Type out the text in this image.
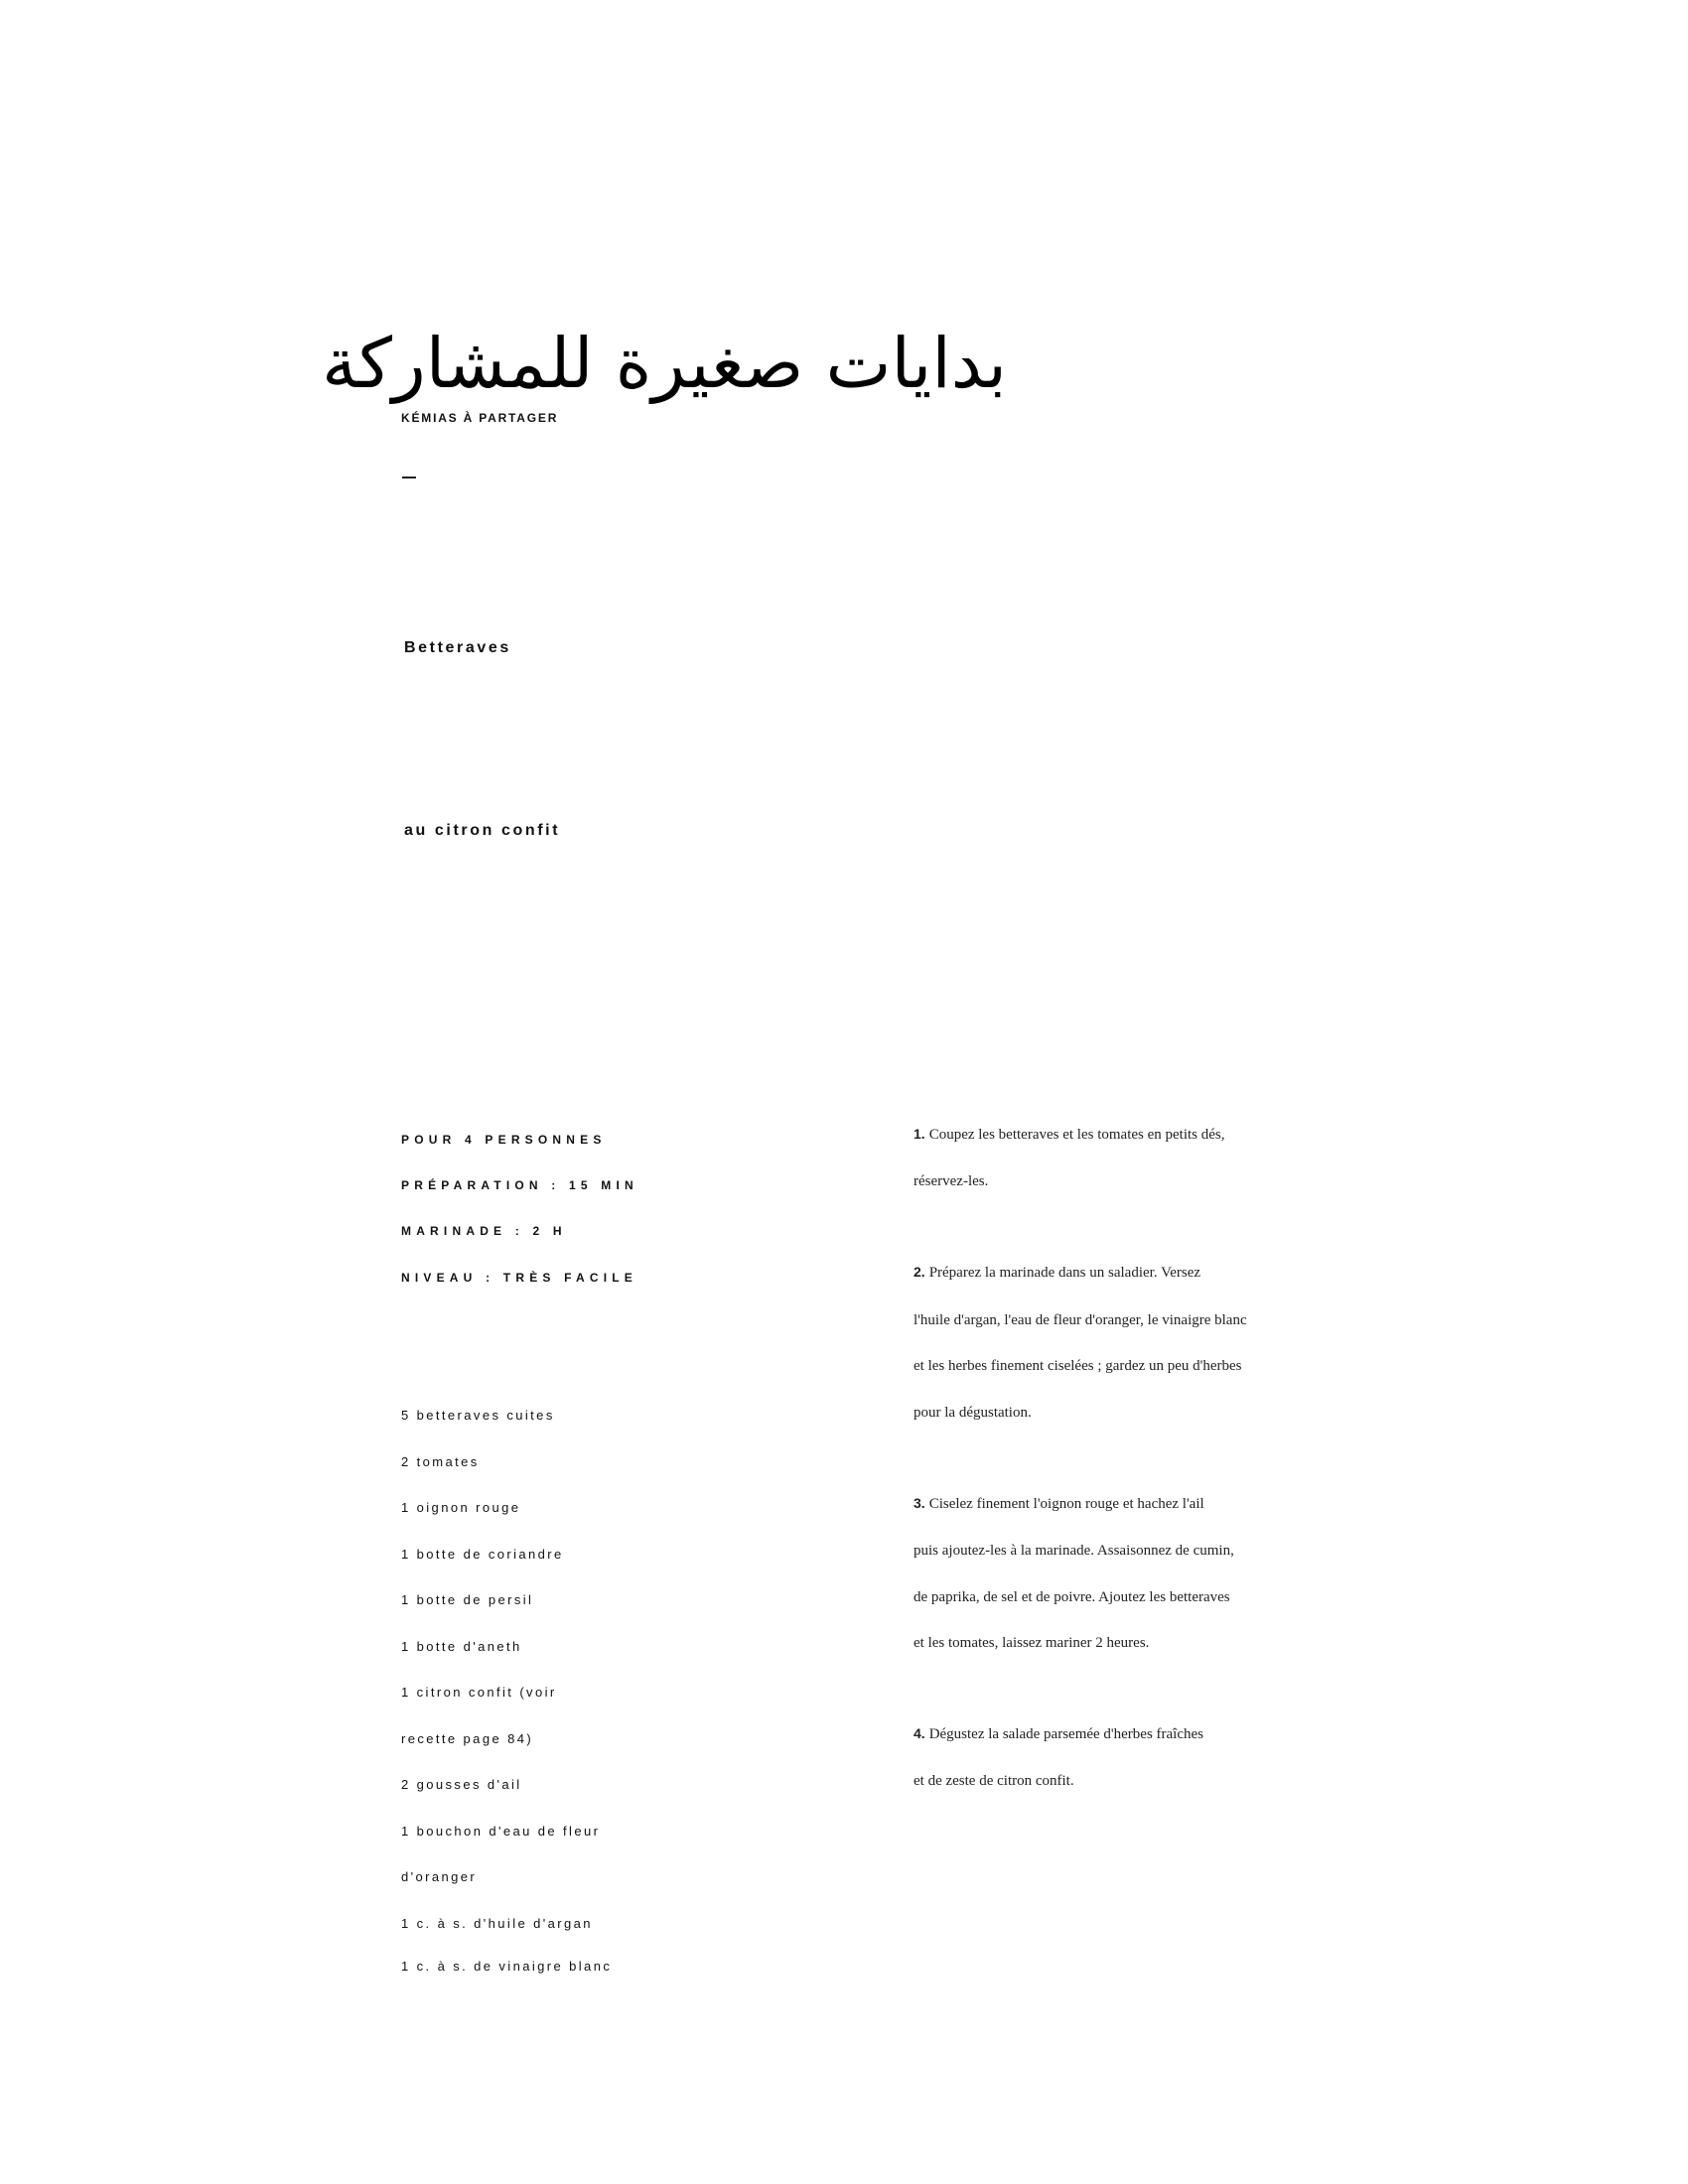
بدايات صغيرة للمشاركة
KÉMIAS À PARTAGER
Betteraves
au citron confit
POUR 4 PERSONNES
PRÉPARATION : 15 MIN
MARINADE : 2 H
NIVEAU : TRÈS FACILE
5 betteraves cuites
2 tomates
1 oignon rouge
1 botte de coriandre
1 botte de persil
1 botte d'aneth
1 citron confit (voir
recette page 84)
2 gousses d'ail
1 bouchon d'eau de fleur
d'oranger
1 c. à s. d'huile d'argan
1 c. à s. de vinaigre blanc
1. Coupez les betteraves et les tomates en petits dés,
réservez-les.
2. Préparez la marinade dans un saladier. Versez
l'huile d'argan, l'eau de fleur d'oranger, le vinaigre blanc
et les herbes finement ciselées ; gardez un peu d'herbes
pour la dégustation.
3. Ciselez finement l'oignon rouge et hachez l'ail
puis ajoutez-les à la marinade. Assaisonnez de cumin,
de paprika, de sel et de poivre. Ajoutez les betteraves
et les tomates, laissez mariner 2 heures.
4. Dégustez la salade parsemée d'herbes fraîches
et de zeste de citron confit.
